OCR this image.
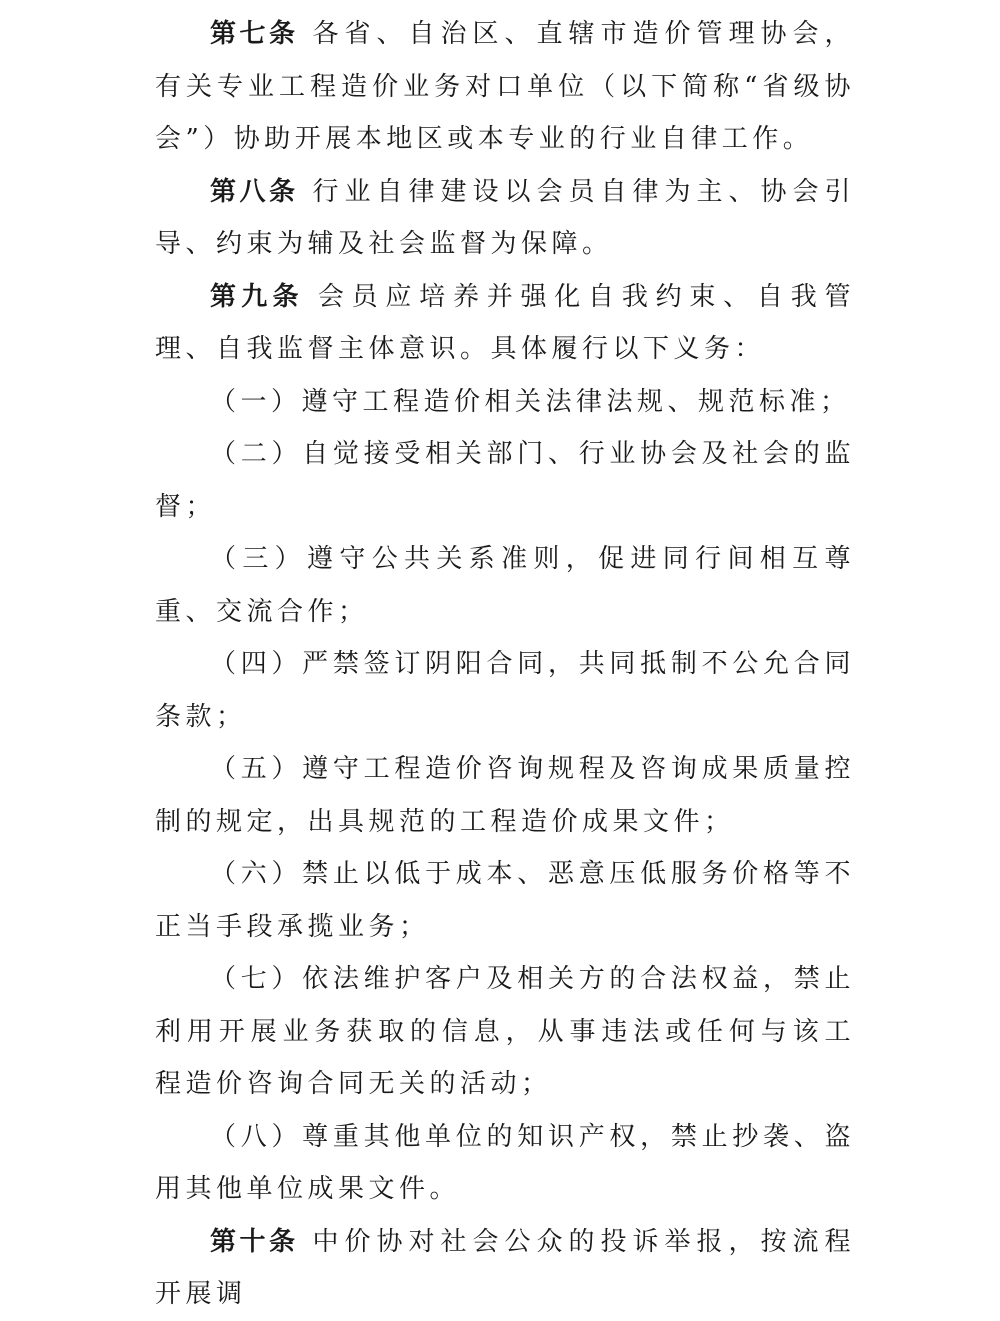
第七条 各省、自治区、直辖市造价管理协会，有关专业工程造价业务对口单位（以下简称“省级协会”）协助开展本地区或本专业的行业自律工作。

第八条 行业自律建设以会员自律为主、协会引导、约束为辅及社会监督为保障。

第九条 会员应培养并强化自我约束、自我管理、自我监督主体意识。具体履行以下义务：

（一）遵守工程造价相关法律法规、规范标准；

（二）自觉接受相关部门、行业协会及社会的监督；

（三）遵守公共关系准则，促进同行间相互尊重、交流合作；

（四）严禁签订阴阳合同，共同抵制不公允合同条款；

（五）遵守工程造价咨询规程及咨询成果质量控制的规定，出具规范的工程造价成果文件；

（六）禁止以低于成本、恶意压低服务价格等不正当手段承揽业务；

（七）依法维护客户及相关方的合法权益，禁止利用开展业务获取的信息，从事违法或任何与该工程造价咨询合同无关的活动；

（八）尊重其他单位的知识产权，禁止抄袭、盗用其他单位成果文件。

第十条 中价协对社会公众的投诉举报，按流程开展调
